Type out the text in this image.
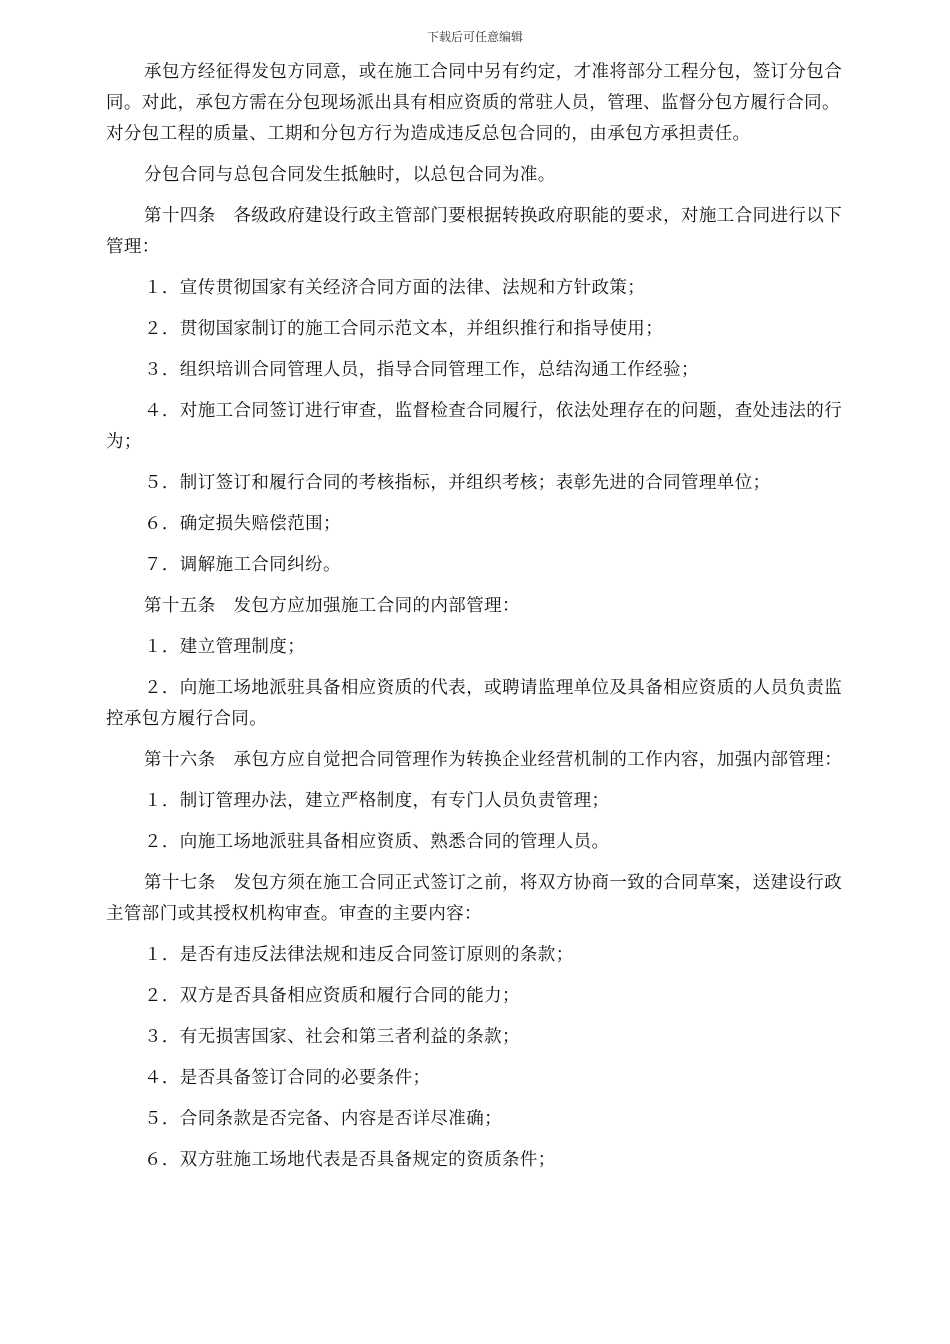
下载后可任意编辑

承包方经征得发包方同意，或在施工合同中另有约定，才准将部分工程分包，签订分包合同。对此，承包方需在分包现场派出具有相应资质的常驻人员，管理、监督分包方履行合同。对分包工程的质量、工期和分包方行为造成违反总包合同的，由承包方承担责任。

分包合同与总包合同发生抵触时，以总包合同为准。

第十四条　各级政府建设行政主管部门要根据转换政府职能的要求，对施工合同进行以下管理：

１．宣传贯彻国家有关经济合同方面的法律、法规和方针政策；

２．贯彻国家制订的施工合同示范文本，并组织推行和指导使用；

３．组织培训合同管理人员，指导合同管理工作，总结沟通工作经验；

４．对施工合同签订进行审查，监督检查合同履行，依法处理存在的问题，查处违法的行为；

５．制订签订和履行合同的考核指标，并组织考核；表彰先进的合同管理单位；

６．确定损失赔偿范围；

７．调解施工合同纠纷。

第十五条　发包方应加强施工合同的内部管理：

１．建立管理制度；

２．向施工场地派驻具备相应资质的代表，或聘请监理单位及具备相应资质的人员负责监控承包方履行合同。

第十六条　承包方应自觉把合同管理作为转换企业经营机制的工作内容，加强内部管理：

１．制订管理办法，建立严格制度，有专门人员负责管理；

２．向施工场地派驻具备相应资质、熟悉合同的管理人员。

第十七条　发包方须在施工合同正式签订之前，将双方协商一致的合同草案，送建设行政主管部门或其授权机构审查。审查的主要内容：

１．是否有违反法律法规和违反合同签订原则的条款；

２．双方是否具备相应资质和履行合同的能力；

３．有无损害国家、社会和第三者利益的条款；

４．是否具备签订合同的必要条件；

５．合同条款是否完备、内容是否详尽准确；

６．双方驻施工场地代表是否具备规定的资质条件；
